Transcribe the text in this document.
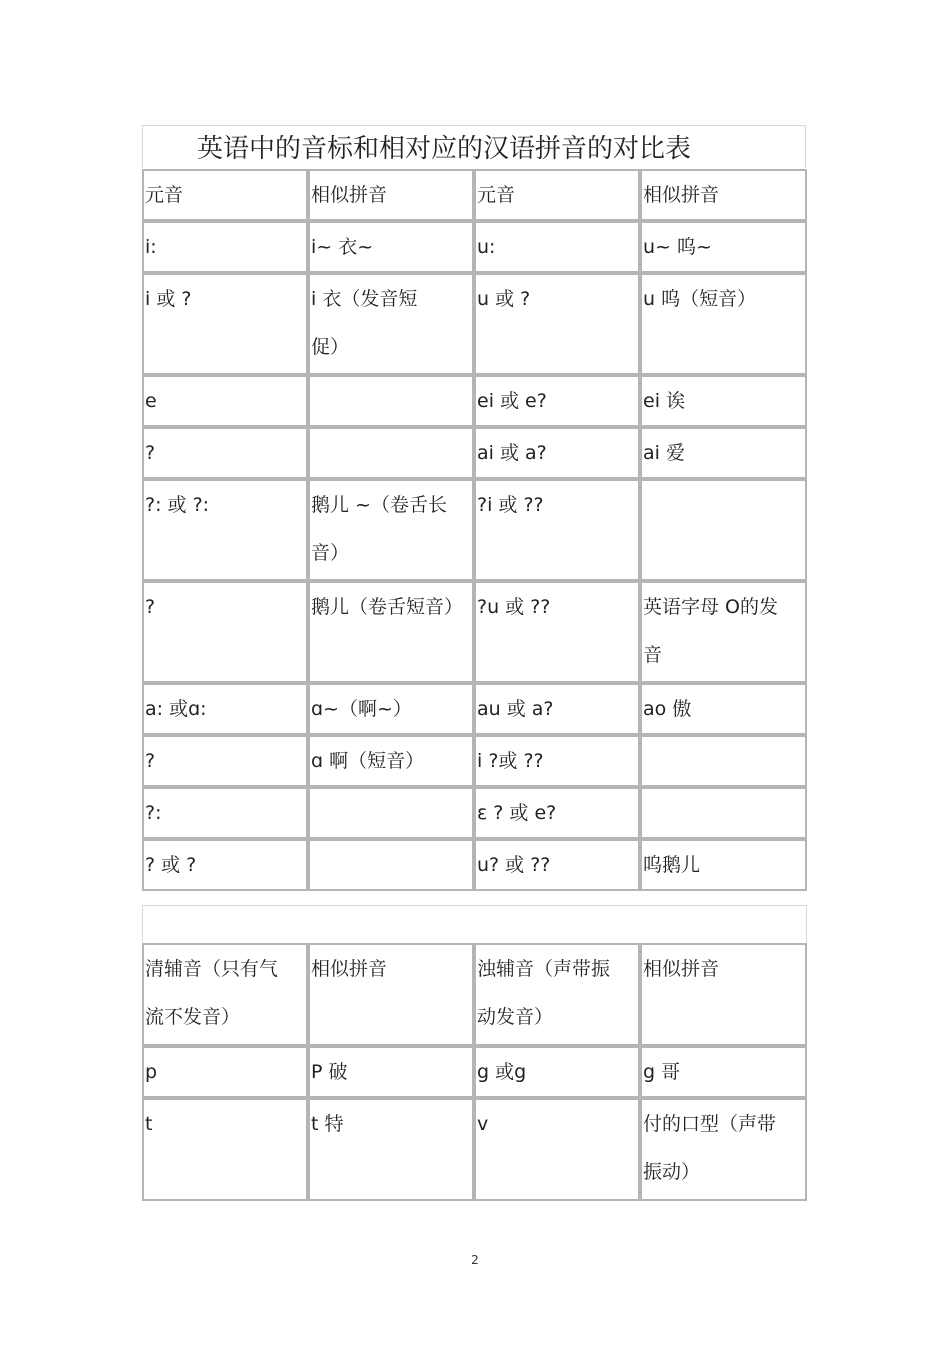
英语中的音标和相对应的汉语拼音的对比表
元音	相似拼音	元音	相似拼音

i:	i~ 衣~	u:	u~ 呜~

i 或 ?	i 衣（发音短
促）	u 或 ?	u 呜（短音）

e		ei 或 e?	ei 诶

?		ai 或 a?	ai 爱

?: 或 ?:	鹅儿 ~（卷舌长
音）	?i 或 ??	

?	鹅儿（卷舌短音）	?u 或 ??	英语字母 O的发
音

a: 或ɑ:	ɑ~（啊~）	au 或 a?	ao 傲

?	ɑ 啊（短音）	i ?或 ??	

?:		ε ? 或 e?	

? 或 ?		u? 或 ??	呜鹅儿
清辅音（只有气
流不发音）	相似拼音	浊辅音（声带振
动发音）	相似拼音

p	P 破	g 或g	g 哥

t	t 特	v	付的口型（声带
振动）
2
